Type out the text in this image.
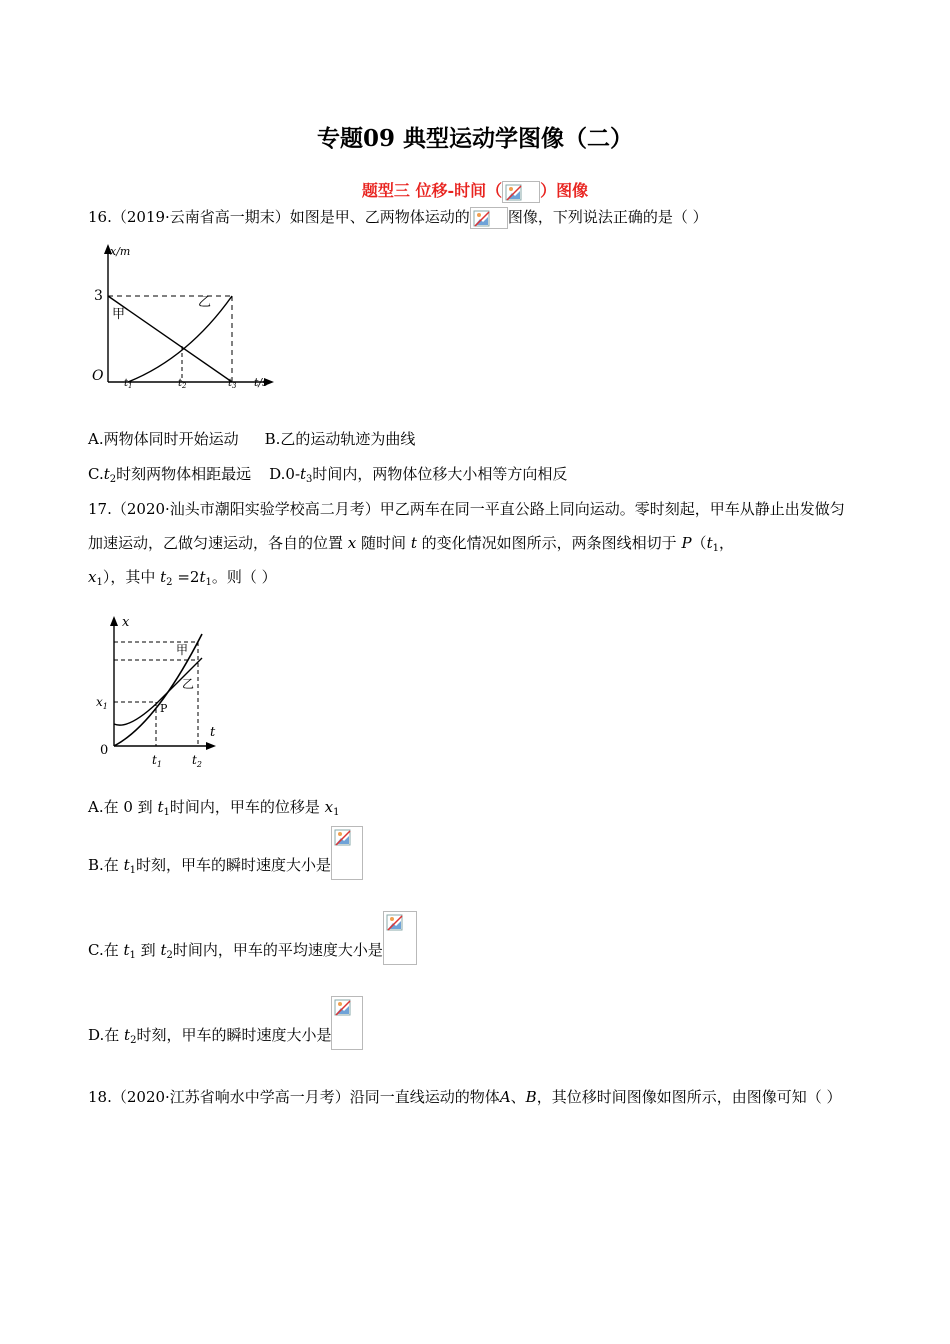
专题09 典型运动学图像（二）
题型三 位移-时间（ ）图像
16.（2019·云南省高一期末）如图是甲、乙两物体运动的	图像，下列说法正确的是（ ）
x/m
3
O
甲
乙
$t_1$	$t_2$	$t_3$ t/s
A.两物体同时开始运动 B.乙的运动轨迹为曲线
$C.t_2$时刻两物体相距最远 $D.0-t_3$时间内，两物体位移大小相等方向相反
17.（2020·汕头市潮阳实验学校高二月考）甲乙两车在同一平直公路上同向运动。零时刻起，甲车从静止出发做匀加速运动，乙做匀速运动，各自的位置 x 随时间 t 的变化情况如图所示，两条图线相切于 $P(t_1$，
$x_1$），其中 $t_2 =2t_1$。则（ ）
x
t
$x_1$
0
P
甲
乙
$t_1$	$t_2$
A.在 0 到 $t_1$时间内，甲车的位移是 $x_1$
B.在 $t_1$时刻，甲车的瞬时速度大小是
C.在 $t_1$ 到 $t_2$时间内，甲车的平均速度大小是
D.在 $t_2$时刻，甲车的瞬时速度大小是
18.（2020·江苏省响水中学高一月考）沿同一直线运动的物体A、B，其位移时间图像如图所示，由图像可知（ ）
